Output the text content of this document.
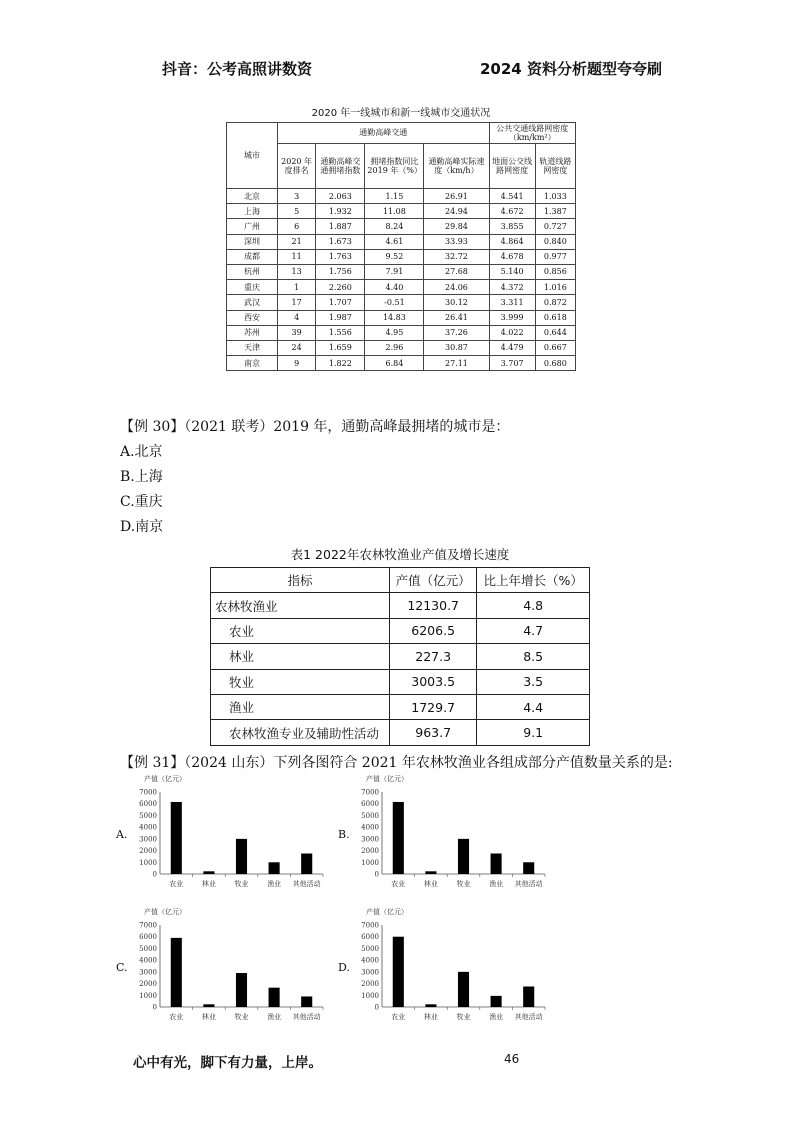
抖音：公考高照讲数资	2024 资料分析题型夸夸刷
2020 年一线城市和新一线城市交通状况
城市	通勤高峰交通				公共交通线路网密度（km/km²）	
	2020 年度排名	通勤高峰交通拥堵指数	拥堵指数同比 2019 年（%）	通勤高峰实际速度（km/h）	地面公交线路网密度	轨道线路网密度
北京	3	2.063	1.15	26.91	4.541	1.033
上海	5	1.932	11.08	24.94	4.672	1.387
广州	6	1.887	8.24	29.84	3.855	0.727
深圳	21	1.673	4.61	33.93	4.864	0.840
成都	11	1.763	9.52	32.72	4.678	0.977
杭州	13	1.756	7.91	27.68	5.140	0.856
重庆	1	2.260	4.40	24.06	4.372	1.016
武汉	17	1.707	-0.51	30.12	3.311	0.872
西安	4	1.987	14.83	26.41	3.999	0.618
苏州	39	1.556	4.95	37.26	4.022	0.644
天津	24	1.659	2.96	30.87	4.479	0.667
南京	9	1.822	6.84	27.11	3.707	0.680
【例 30】（2021 联考）2019 年，通勤高峰最拥堵的城市是：
A.北京
B.上海
C.重庆
D.南京
表1 2022年农林牧渔业产值及增长速度
指标	产值（亿元）	比上年增长（%）
农林牧渔业	12130.7	4.8
农业	6206.5	4.7
林业	227.3	8.5
牧业	3003.5	3.5
渔业	1729.7	4.4
农林牧渔专业及辅助性活动	963.7	9.1
【例 31】（2024 山东）下列各图符合 2021 年农林牧渔业各组成部分产值数量关系的是:
A.
产值（亿元）
0
1000
2000
3000
4000
5000
6000
7000
农业	林业	牧业	渔业 其他活动
B.
产值（亿元）
0
1000
2000
3000
4000
5000
6000
7000
农业	林业	牧业	渔业 其他活动
C.
产值（亿元）
0
1000
2000
3000
4000
5000
6000
7000
农业	林业	牧业	渔业 其他活动
D.
产值（亿元）
0
1000
2000
3000
4000
5000
6000
7000
农业	林业	牧业	渔业 其他活动
心中有光，脚下有力量，上岸。	46
